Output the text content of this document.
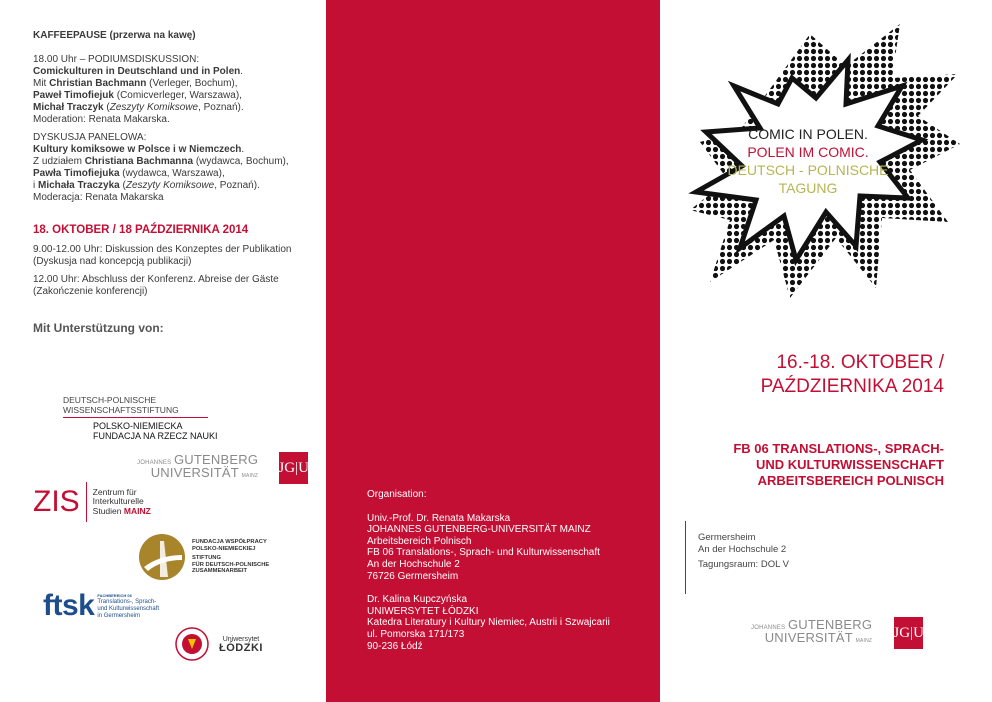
KAFFEEPAUSE (przerwa na kawę)

18.00 Uhr – PODIUMSDISKUSSION:
Comickulturen in Deutschland und in Polen.
Mit Christian Bachmann (Verleger, Bochum),
Paweł Timofiejuk (Comicverleger, Warszawa),
Michał Traczyk (Zeszyty Komiksowe, Poznań).
Moderation: Renata Makarska.
DYSKUSJA PANELOWA:
Kultury komiksowe w Polsce i w Niemczech.
Z udziałem Christiana Bachmanna (wydawca, Bochum), Pawła Timofiejuka (wydawca, Warszawa),
i Michała Traczyka (Zeszyty Komiksowe, Poznań).
Moderacja: Renata Makarska
18. OKTOBER / 18 PAŹDZIERNIKA 2014

9.00-12.00 Uhr: Diskussion des Konzeptes der Publikation (Dyskusja nad koncepcją publikacji)

12.00 Uhr: Abschluss der Konferenz. Abreise der Gäste (Zakończenie konferencji)

Mit Unterstützung von:
DEUTSCH-POLNISCHE
WISSENSCHAFTSSTIFTUNG
POLSKO-NIEMIECKA
FUNDACJA NA RZECZ NAUKI
JOHANNES GUTENBERG
UNIVERSITÄT MAINZ
JG|U
ZIS Zentrum für
Interkulturelle
Studien MAINZ
FUNDACJA WSPÓŁPRACY
POLSKO-NIEMIECKIEJ
STIFTUNG
FÜR DEUTSCH-POLNISCHE
ZUSAMMENARBEIT
ftsk FACHBEREICH 06
Translations-, Sprach-
und Kulturwissenschaft
in Germersheim
Uniwersytet
ŁÓDZKI
Organisation:
Univ.-Prof. Dr. Renata Makarska
JOHANNES GUTENBERG-UNIVERSITÄT MAINZ
Arbeitsbereich Polnisch
FB 06 Translations-, Sprach- und Kulturwissenschaft
An der Hochschule 2
76726 Germersheim
Dr. Kalina Kupczyńska
UNIWERSYTET ŁÓDZKI
Katedra Literatury i Kultury Niemiec, Austrii i Szwajcarii
ul. Pomorska 171/173
90-236 Łódź
COMIC IN POLEN.
POLEN IM COMIC.
DEUTSCH - POLNISCHE
TAGUNG
16.-18. OKTOBER /
PAŹDZIERNIKA 2014
FB 06 TRANSLATIONS-, SPRACH-
UND KULTURWISSENSCHAFT
ARBEITSBEREICH POLNISCH
Germersheim
An der Hochschule 2
Tagungsraum: DOL V
JOHANNES GUTENBERG
UNIVERSITÄT MAINZ
JG|U
